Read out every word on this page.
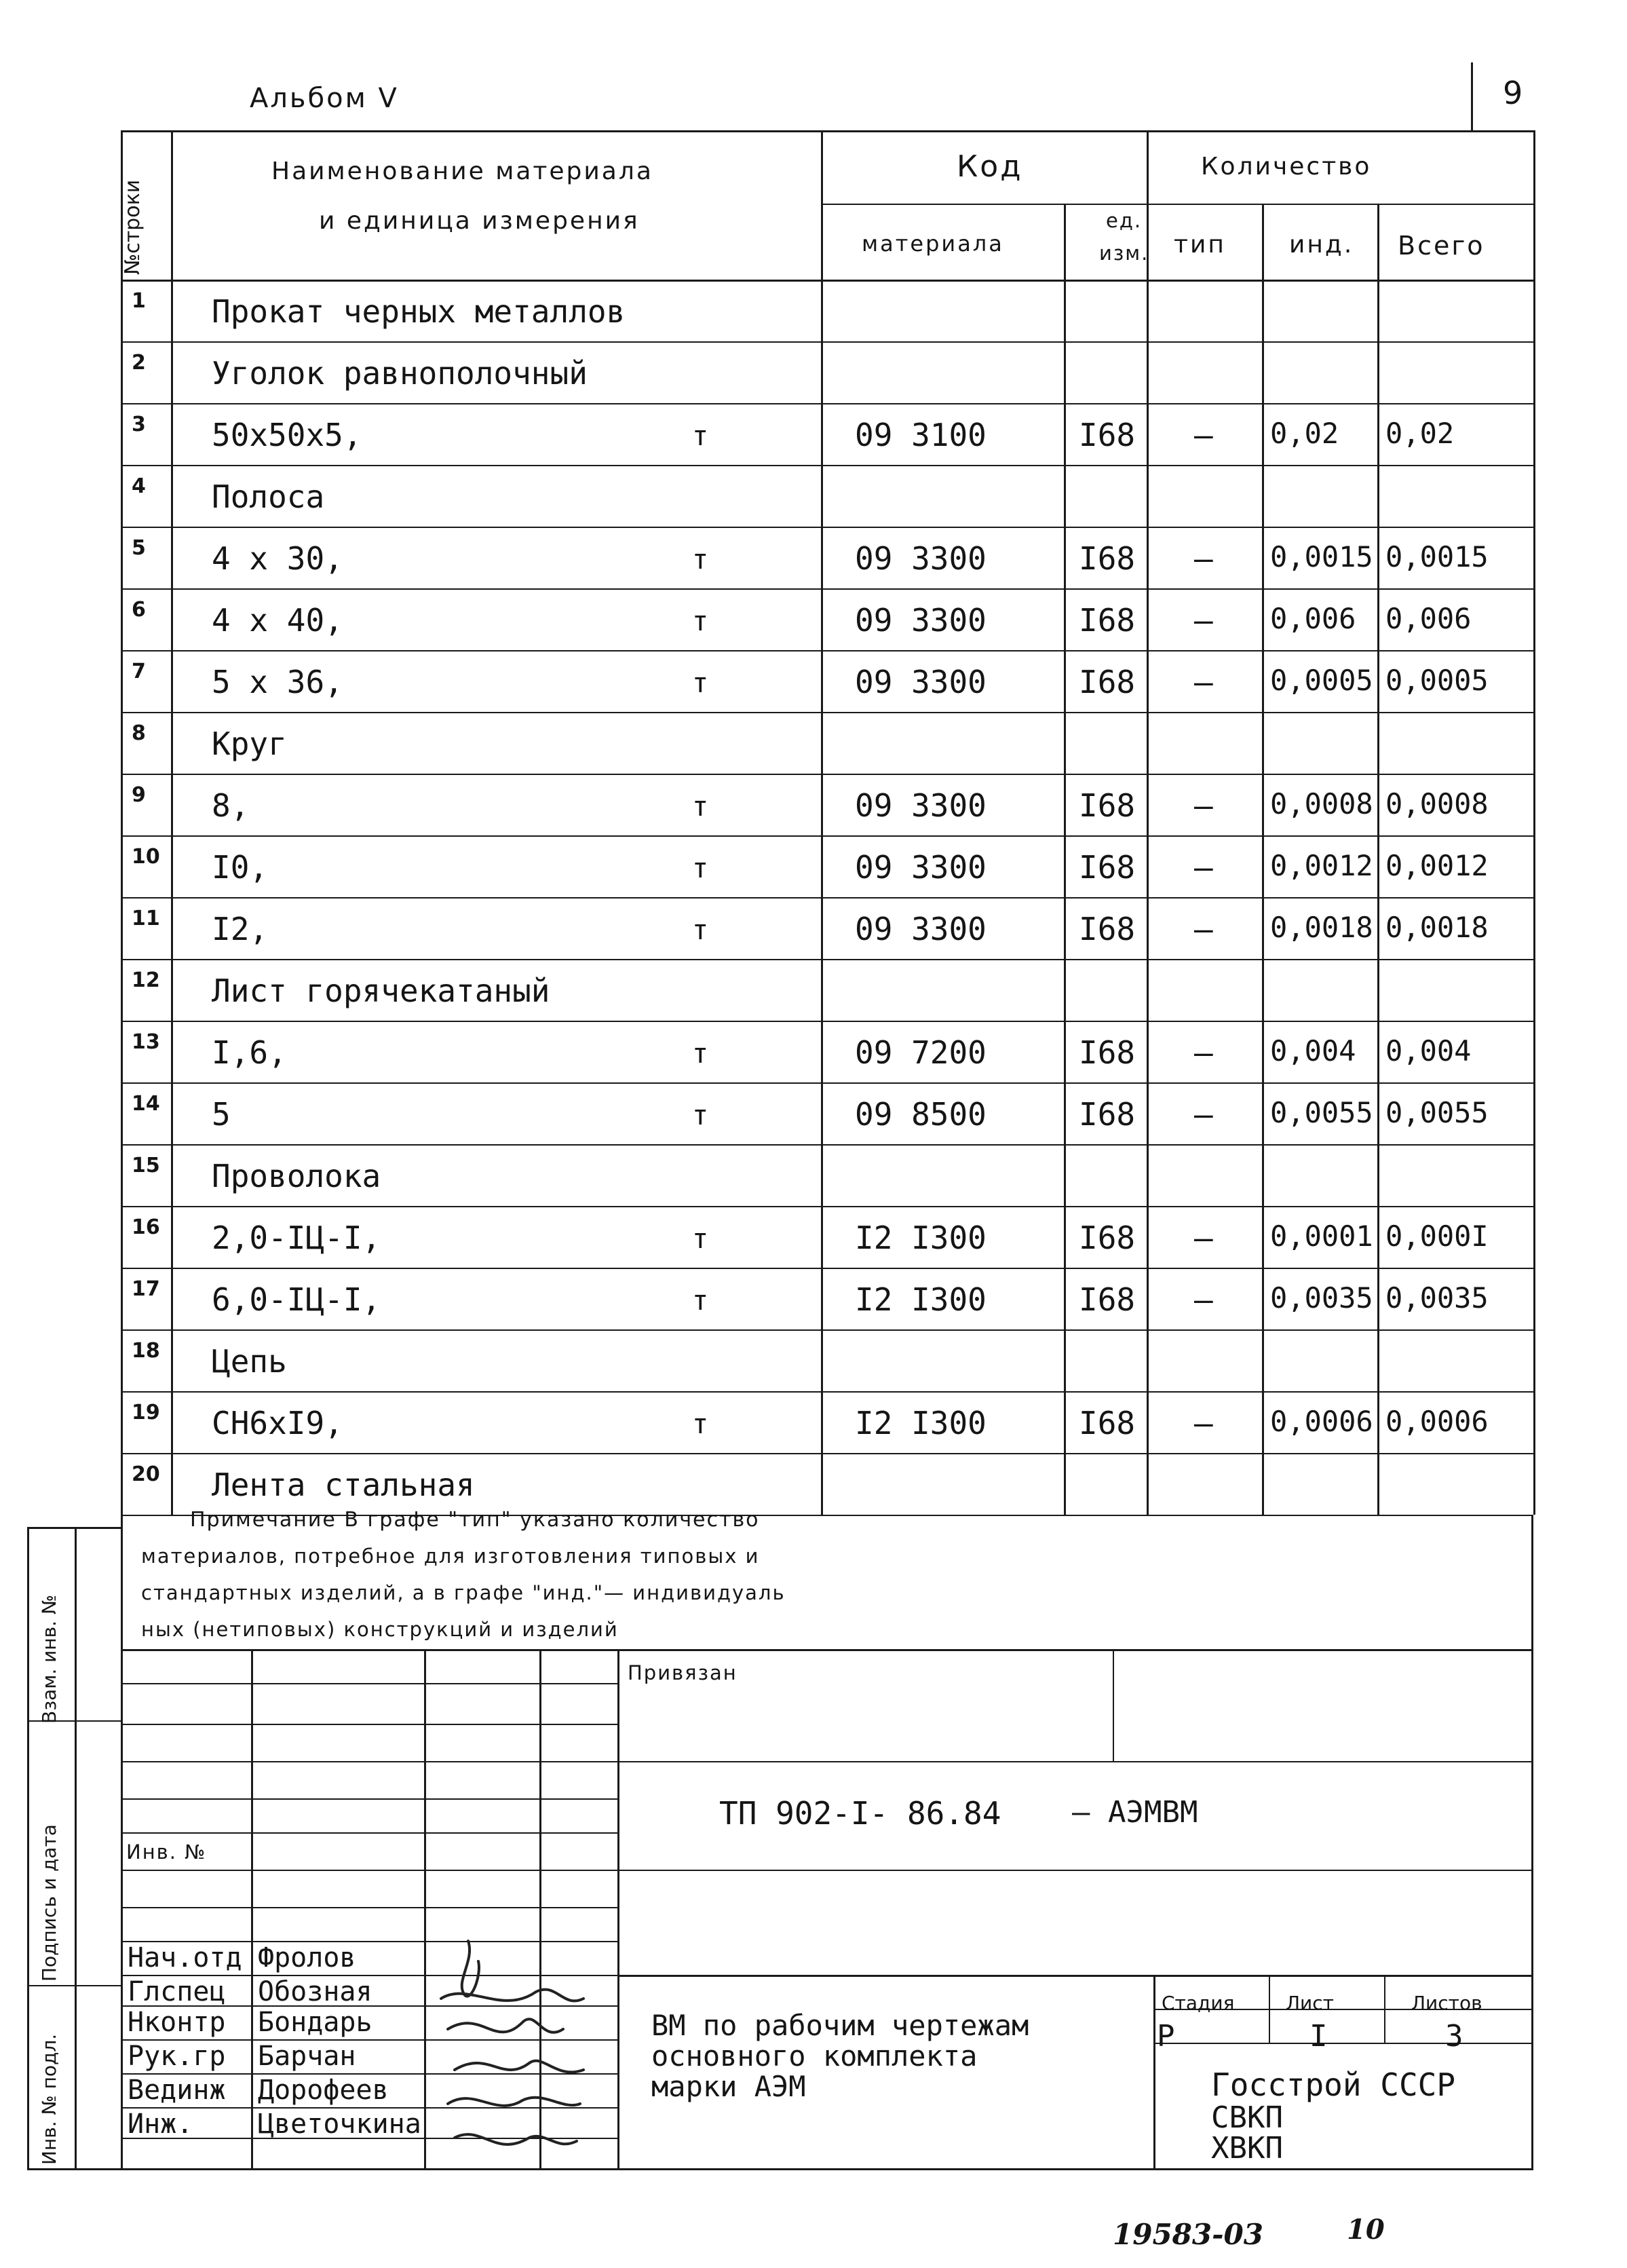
Альбом V	9
№строки
Наименование материала
и единица измерения
Код
материала
ед.
изм.
Количество
тип	инд. Всего
1 Прокат черных металлов
2 Уголок равнополочный
3 50x50x5,	т	09 3100	I68 – 0,02 0,02
4 Полоса
5 4 x 30,	т	09 3300	I68 – 0,0015 0,0015
6 4 x 40,	т	09 3300	I68 – 0,006 0,006
7 5 x 36,	т	09 3300	I68 – 0,0005 0,0005
8 Круг
9 8,	т	09 3300	I68 – 0,0008 0,0008
10 I0,	т	09 3300	I68 – 0,0012 0,0012
11 I2,	т	09 3300	I68 – 0,0018 0,0018
12 Лист горячекатаный
13 I,6,	т	09 7200	I68 – 0,004 0,004
14 5	т	09 8500	I68 – 0,0055 0,0055
15 Проволока
16 2,0-IЦ-I,	т	I2 I300	I68 – 0,0001 0,000I
17 6,0-IЦ-I,	т	I2 I300	I68 – 0,0035 0,0035
18 Цепь
19 CH6xI9,	т	I2 I300	I68 – 0,0006 0,0006
20 Лента стальная
Примечание В графе "тип" указано количество
материалов, потребное для изготовления типовых и
стандартных изделий, а в графе "инд."— индивидуаль
ных (нетиповых) конструкций и изделий
Взам. инв. №
Подпись и дата
Инв. № подл.
Инв. №
Привязан
ТП 902-I- 86.84 – АЭМВМ
Нач.отд Фролов
Глспец Обозная
Нконтр Бондарь
Рук.гр Барчан
Вединж Дорофеев
Инж. Цветочкина
ВМ по рабочим чертежам
основного комплекта
марки АЭМ
Стадия	Лист	Листов
Р	I	3
Госстрой СССР
СВКП
ХВКП
19583-03	10
